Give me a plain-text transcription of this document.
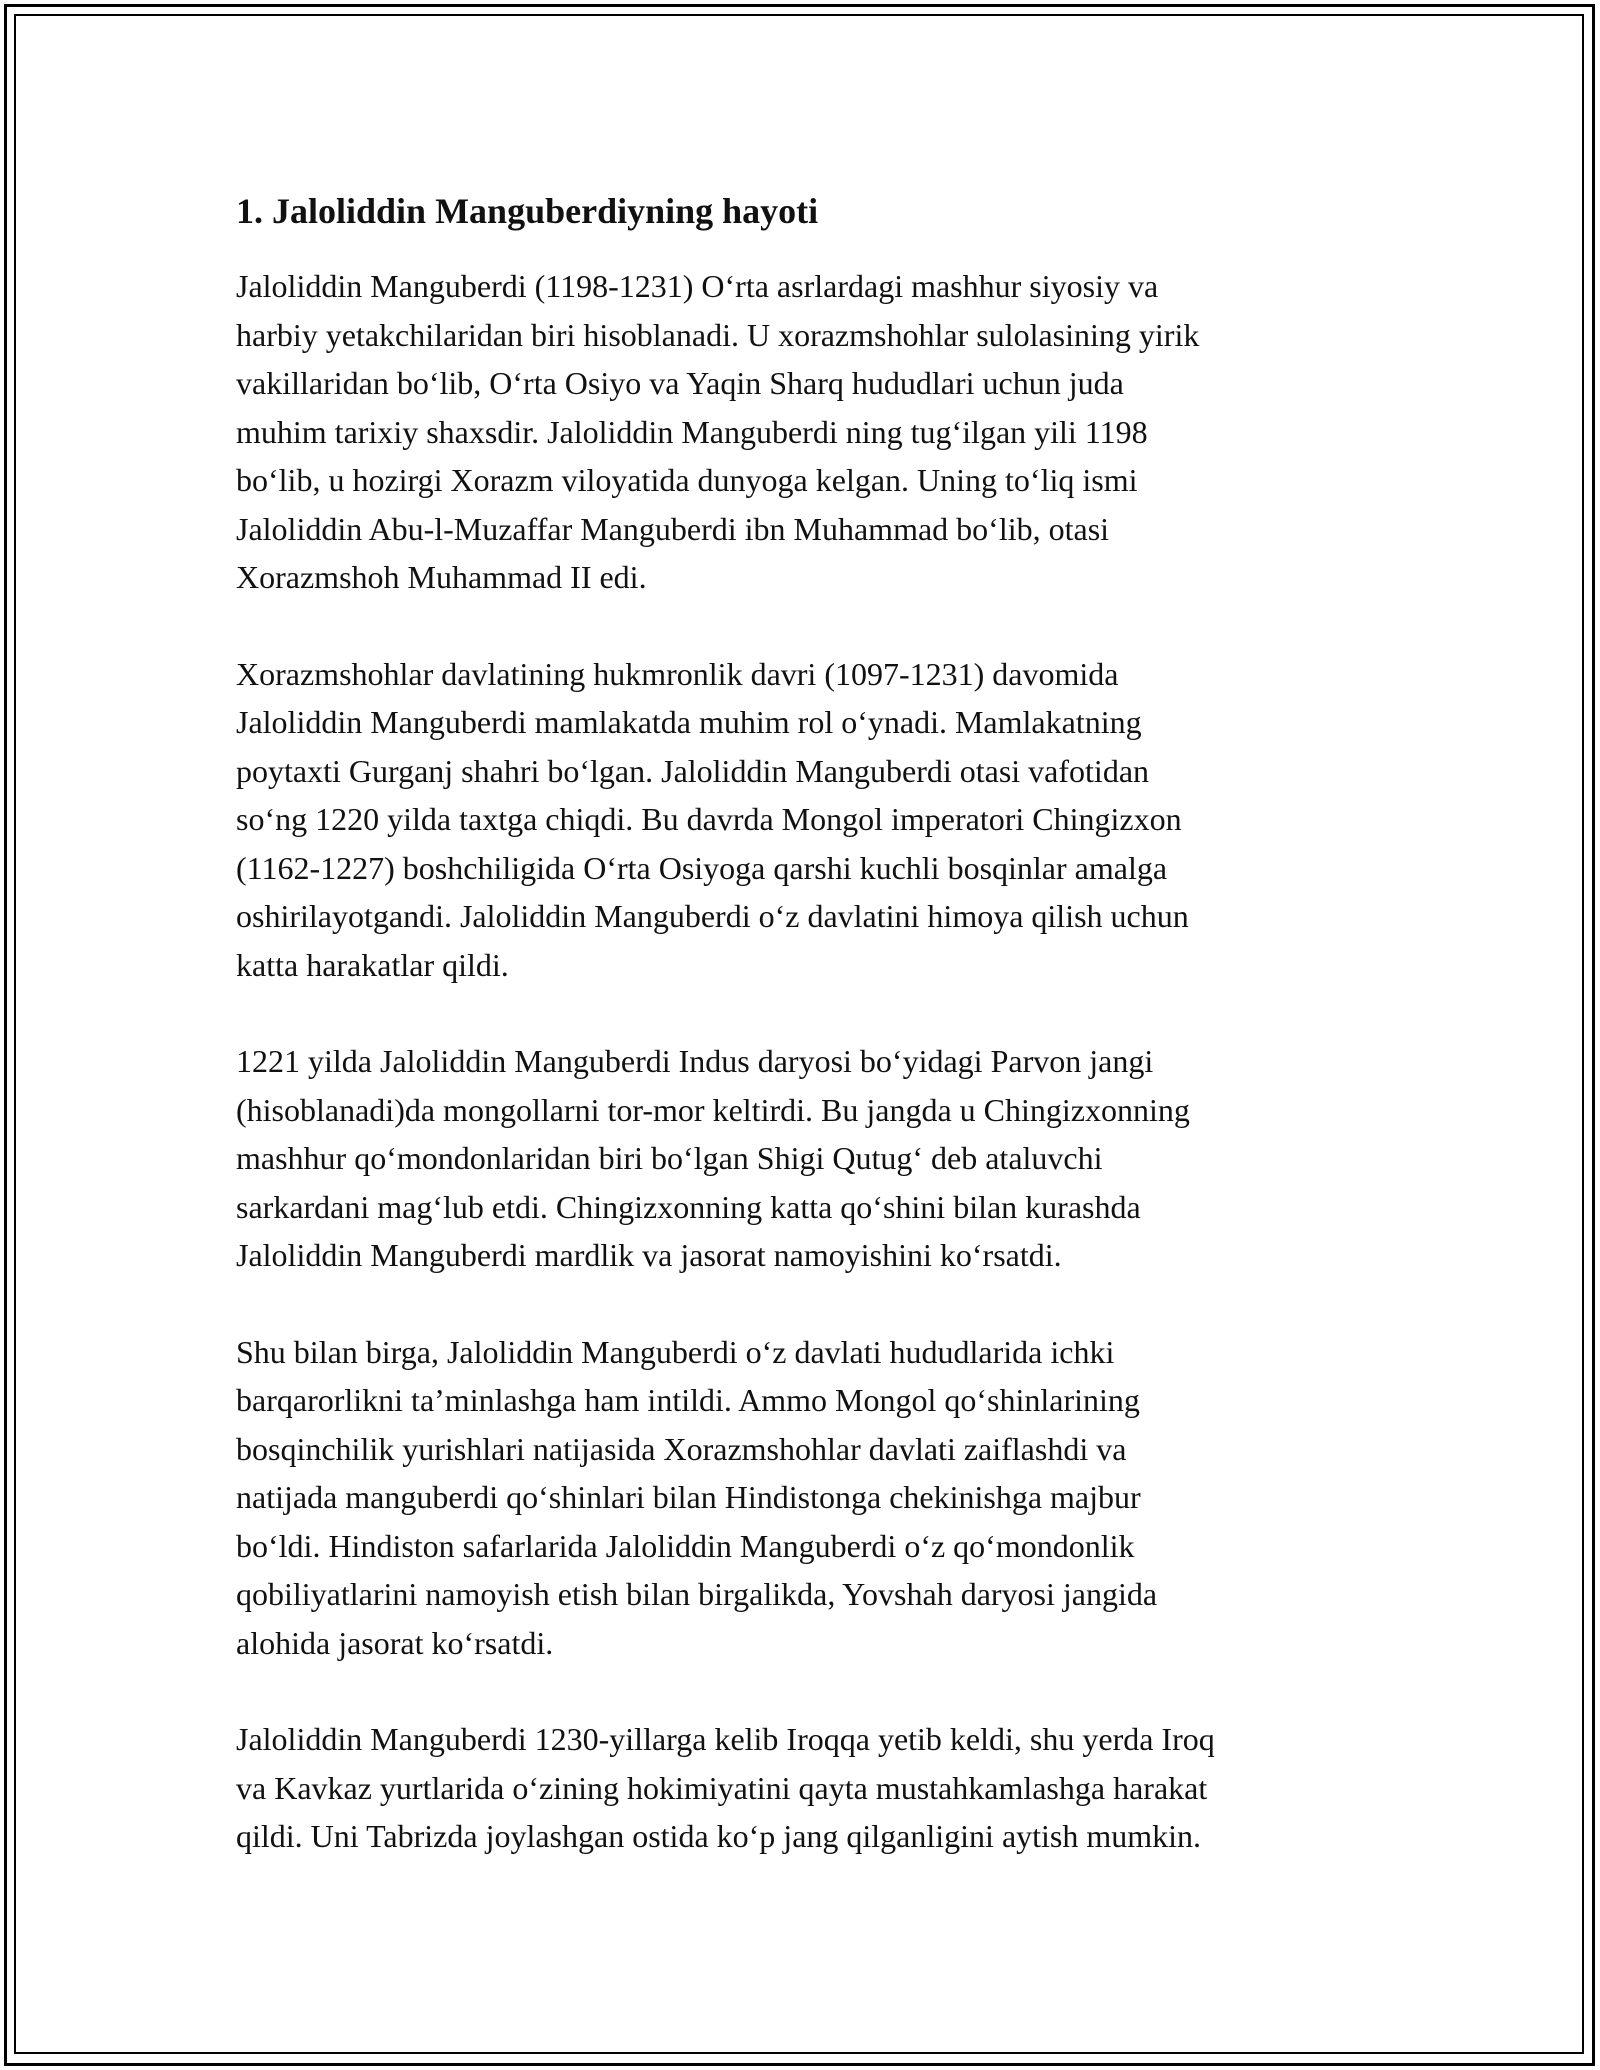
1. Jaloliddin Manguberdiyning hayoti

Jaloliddin Manguberdi (1198-1231) O‘rta asrlardagi mashhur siyosiy va
harbiy yetakchilaridan biri hisoblanadi. U xorazmshohlar sulolasining yirik
vakillaridan bo‘lib, O‘rta Osiyo va Yaqin Sharq hududlari uchun juda
muhim tarixiy shaxsdir. Jaloliddin Manguberdi ning tug‘ilgan yili 1198
bo‘lib, u hozirgi Xorazm viloyatida dunyoga kelgan. Uning to‘liq ismi
Jaloliddin Abu-l-Muzaffar Manguberdi ibn Muhammad bo‘lib, otasi
Xorazmshoh Muhammad II edi.

Xorazmshohlar davlatining hukmronlik davri (1097-1231) davomida
Jaloliddin Manguberdi mamlakatda muhim rol o‘ynadi. Mamlakatning
poytaxti Gurganj shahri bo‘lgan. Jaloliddin Manguberdi otasi vafotidan
so‘ng 1220 yilda taxtga chiqdi. Bu davrda Mongol imperatori Chingizxon
(1162-1227) boshchiligida O‘rta Osiyoga qarshi kuchli bosqinlar amalga
oshirilayotgandi. Jaloliddin Manguberdi o‘z davlatini himoya qilish uchun
katta harakatlar qildi.

1221 yilda Jaloliddin Manguberdi Indus daryosi bo‘yidagi Parvon jangi
(hisoblanadi)da mongollarni tor-mor keltirdi. Bu jangda u Chingizxonning
mashhur qo‘mondonlaridan biri bo‘lgan Shigi Qutug‘ deb ataluvchi
sarkardani mag‘lub etdi. Chingizxonning katta qo‘shini bilan kurashda
Jaloliddin Manguberdi mardlik va jasorat namoyishini ko‘rsatdi.

Shu bilan birga, Jaloliddin Manguberdi o‘z davlati hududlarida ichki
barqarorlikni ta’minlashga ham intildi. Ammo Mongol qo‘shinlarining
bosqinchilik yurishlari natijasida Xorazmshohlar davlati zaiflashdi va
natijada manguberdi qo‘shinlari bilan Hindistonga chekinishga majbur
bo‘ldi. Hindiston safarlarida Jaloliddin Manguberdi o‘z qo‘mondonlik
qobiliyatlarini namoyish etish bilan birgalikda, Yovshah daryosi jangida
alohida jasorat ko‘rsatdi.

Jaloliddin Manguberdi 1230-yillarga kelib Iroqqa yetib keldi, shu yerda Iroq
va Kavkaz yurtlarida o‘zining hokimiyatini qayta mustahkamlashga harakat
qildi. Uni Tabrizda joylashgan ostida ko‘p jang qilganligini aytish mumkin.
